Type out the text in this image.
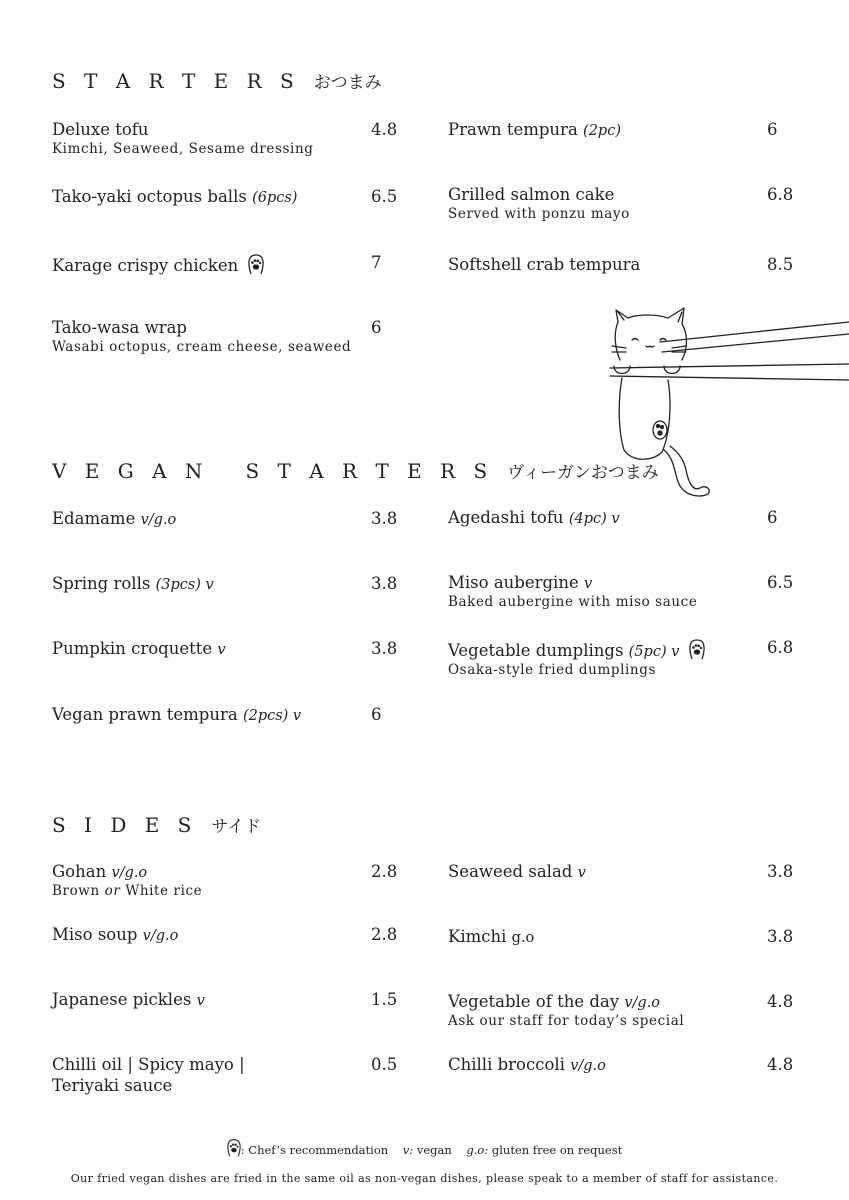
S T A R T E R S おつまみ
Deluxe tofu
Kimchi, Seaweed, Sesame dressing
4.8
Tako-yaki octopus balls (6pcs)	6.5
Karage crispy chicken	7
Tako-wasa wrap
Wasabi octopus, cream cheese, seaweed
6
Prawn tempura (2pc)	6
Grilled salmon cake
Served with ponzu mayo
6.8
Softshell crab tempura	8.5
V E G A N   S T A R T E R S ヴィーガンおつまみ
Edamame v/g.o	3.8
Spring rolls (3pcs) v	3.8
Pumpkin croquette v	3.8
Vegan prawn tempura (2pcs) v	6
Agedashi tofu (4pc) v	6
Miso aubergine v
Baked aubergine with miso sauce
6.5
Vegetable dumplings (5pc) v
Osaka-style fried dumplings
6.8
S I D E S サイド
Gohan v/g.o
Brown or White rice
2.8
Miso soup v/g.o	2.8
Japanese pickles v	1.5
Chilli oil | Spicy mayo |
Teriyaki sauce
0.5
Seaweed salad v	3.8
Kimchi g.o	3.8
Vegetable of the day v/g.o
Ask our staff for today’s special
4.8
Chilli broccoli v/g.o	4.8
: Chef’s recommendation v: vegan g.o: gluten free on request
Our fried vegan dishes are fried in the same oil as non-vegan dishes, please speak to a member of staff for assistance.
